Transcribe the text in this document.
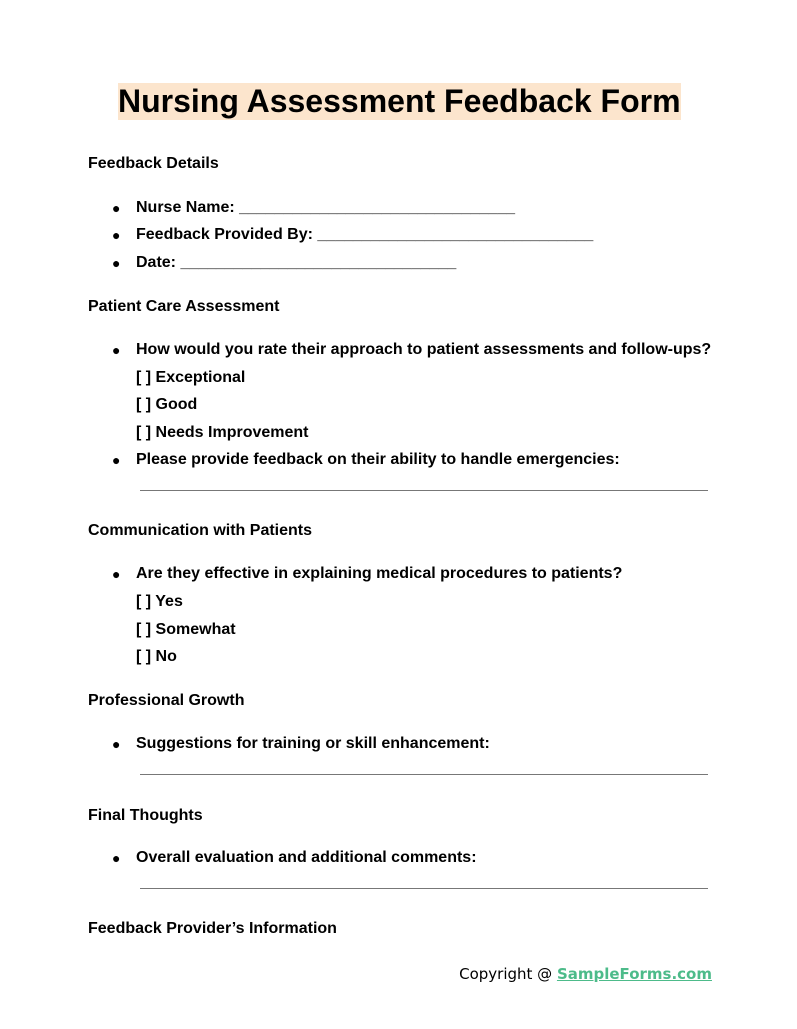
Nursing Assessment Feedback Form
Feedback Details
● Nurse Name: _______________________________
● Feedback Provided By: _______________________________
● Date: _______________________________
Patient Care Assessment
● How would you rate their approach to patient assessments and follow-ups?
[ ] Exceptional
[ ] Good
[ ] Needs Improvement
● Please provide feedback on their ability to handle emergencies:
Communication with Patients
● Are they effective in explaining medical procedures to patients?
[ ] Yes
[ ] Somewhat
[ ] No
Professional Growth
● Suggestions for training or skill enhancement:
Final Thoughts
● Overall evaluation and additional comments:
Feedback Provider’s Information
Copyright @ SampleForms.com
